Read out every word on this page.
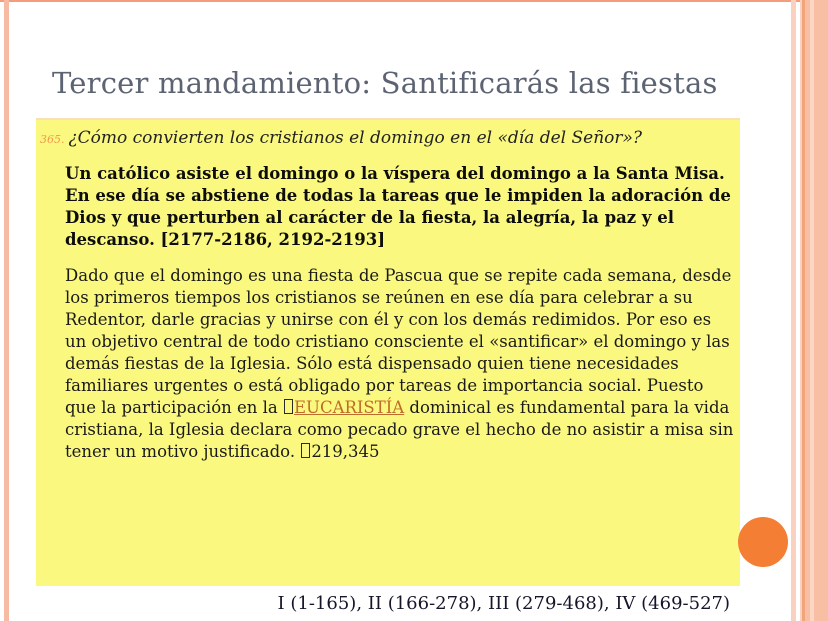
Tercer mandamiento: Santificarás las fiestas
365. ¿Cómo convierten los cristianos el domingo en el «día del Señor»?
Un católico asiste el domingo o la víspera del domingo a la Santa Misa. En ese día se abstiene de todas la tareas que le impiden la adoración de Dios y que perturben al carácter de la fiesta, la alegría, la paz y el descanso. [2177-2186, 2192-2193]
Dado que el domingo es una fiesta de Pascua que se repite cada semana, desde los primeros tiempos los cristianos se reúnen en ese día para celebrar a su Redentor, darle gracias y unirse con él y con los demás redimidos. Por eso es un objetivo central de todo cristiano consciente el «santificar» el domingo y las demás fiestas de la Iglesia. Sólo está dispensado quien tiene necesidades familiares urgentes o está obligado por tareas de importancia social. Puesto que la participación en la EUCARISTÍA dominical es fundamental para la vida cristiana, la Iglesia declara como pecado grave el hecho de no asistir a misa sin tener un motivo justificado. 219,345
I (1-165), II (166-278), III (279-468), IV (469-527)
